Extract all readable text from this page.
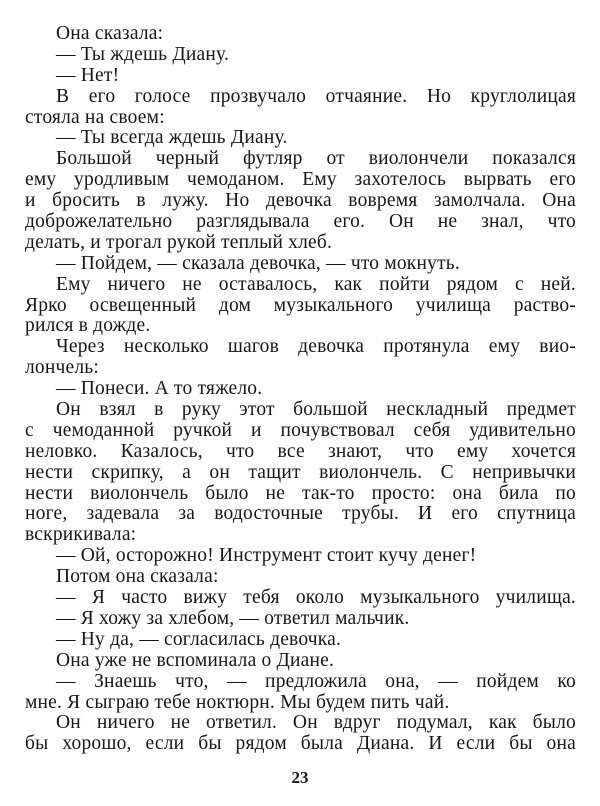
Она сказала:
— Ты ждешь Диану.
— Нет!
В его голосе прозвучало отчаяние. Но круглолицая
стояла на своем:
— Ты всегда ждешь Диану.
Большой черный футляр от виолончели показался
ему уродливым чемоданом. Ему захотелось вырвать его
и бросить в лужу. Но девочка вовремя замолчала. Она
доброжелательно разглядывала его. Он не знал, что
делать, и трогал рукой теплый хлеб.
— Пойдем, — сказала девочка, — что мокнуть.
Ему ничего не оставалось, как пойти рядом с ней.
Ярко освещенный дом музыкального училища раство-
рился в дожде.
Через несколько шагов девочка протянула ему вио-
лончель:
— Понеси. А то тяжело.
Он взял в руку этот большой нескладный предмет
с чемоданной ручкой и почувствовал себя удивительно
неловко. Казалось, что все знают, что ему хочется
нести скрипку, а он тащит виолончель. С непривычки
нести виолончель было не так-то просто: она била по
ноге, задевала за водосточные трубы. И его спутница
вскрикивала:
— Ой, осторожно! Инструмент стоит кучу денег!
Потом она сказала:
— Я часто вижу тебя около музыкального училища.
— Я хожу за хлебом, — ответил мальчик.
— Ну да, — согласилась девочка.
Она уже не вспоминала о Диане.
— Знаешь что, — предложила она, — пойдем ко
мне. Я сыграю тебе ноктюрн. Мы будем пить чай.
Он ничего не ответил. Он вдруг подумал, как было
бы хорошо, если бы рядом была Диана. И если бы она
23
